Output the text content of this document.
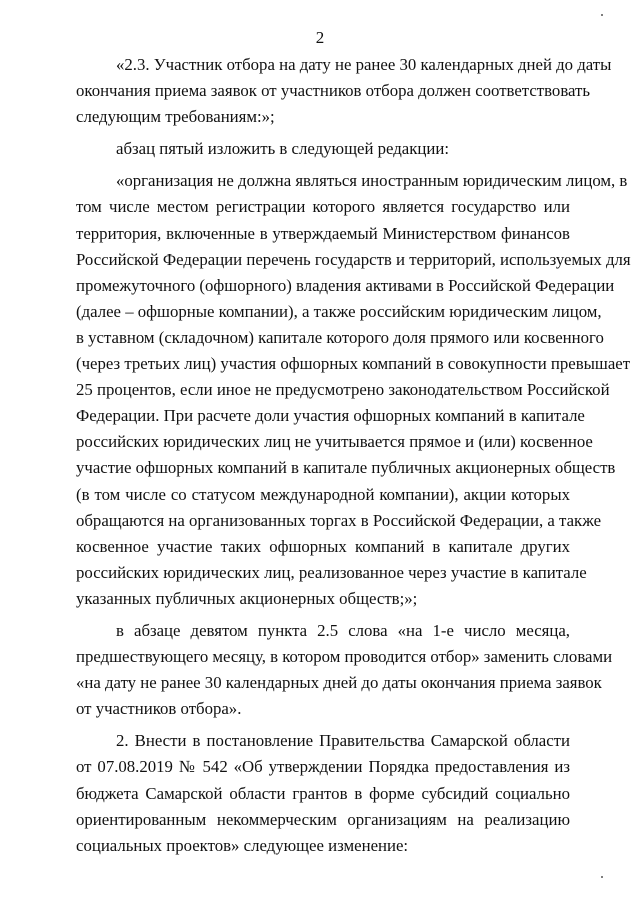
2
«2.3. Участник отбора на дату не ранее 30 календарных дней до даты
окончания приема заявок от участников отбора должен соответствовать
следующим требованиям:»;
абзац пятый изложить в следующей редакции:
«организация не должна являться иностранным юридическим лицом, в
том числе местом регистрации которого является государство или
территория, включенные в утверждаемый Министерством финансов
Российской Федерации перечень государств и территорий, используемых для
промежуточного (офшорного) владения активами в Российской Федерации
(далее – офшорные компании), а также российским юридическим лицом,
в уставном (складочном) капитале которого доля прямого или косвенного
(через третьих лиц) участия офшорных компаний в совокупности превышает
25 процентов, если иное не предусмотрено законодательством Российской
Федерации. При расчете доли участия офшорных компаний в капитале
российских юридических лиц не учитывается прямое и (или) косвенное
участие офшорных компаний в капитале публичных акционерных обществ
(в том числе со статусом международной компании), акции которых
обращаются на организованных торгах в Российской Федерации, а также
косвенное участие таких офшорных компаний в капитале других
российских юридических лиц, реализованное через участие в капитале
указанных публичных акционерных обществ;»;
в абзаце девятом пункта 2.5 слова «на 1-е число месяца,
предшествующего месяцу, в котором проводится отбор» заменить словами
«на дату не ранее 30 календарных дней до даты окончания приема заявок
от участников отбора».
2. Внести в постановление Правительства Самарской области
от 07.08.2019 № 542 «Об утверждении Порядка предоставления из
бюджета Самарской области грантов в форме субсидий социально
ориентированным некоммерческим организациям на реализацию
социальных проектов» следующее изменение:
